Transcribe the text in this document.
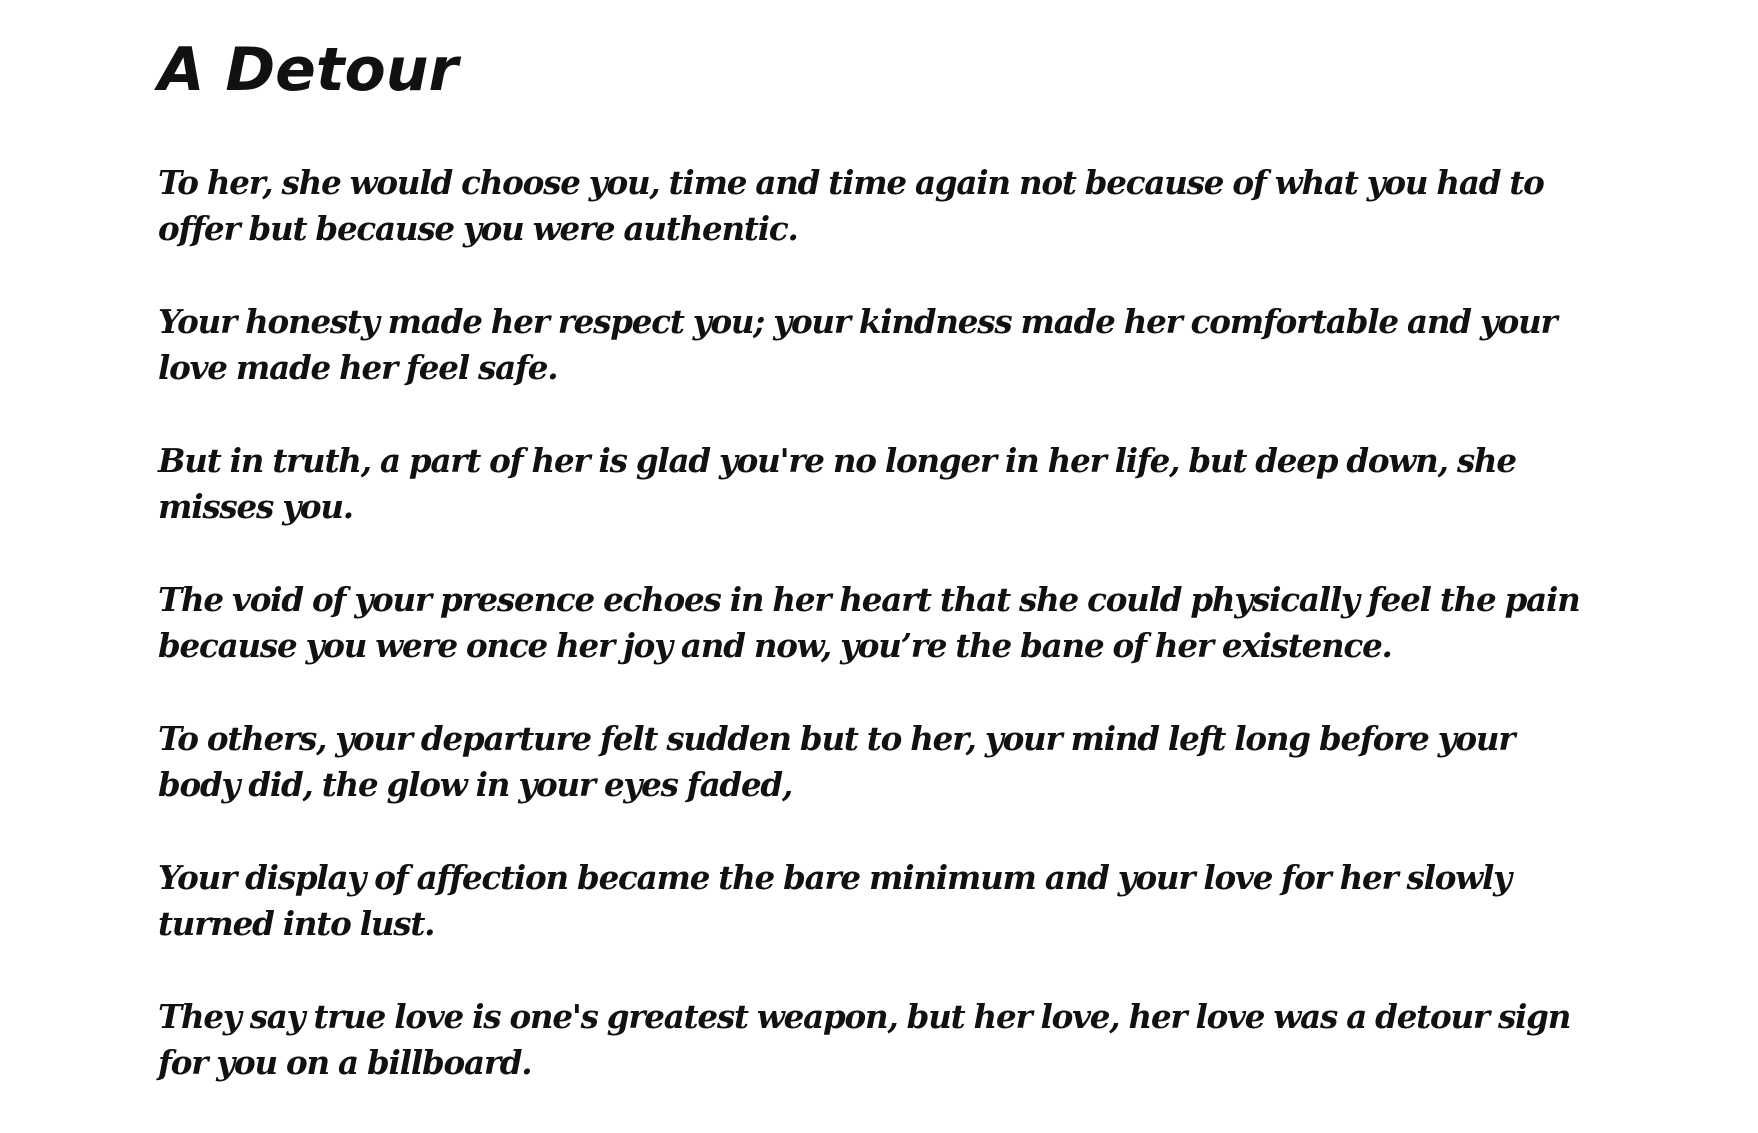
A Detour

To her, she would choose you, time and time again not because of what you had to
offer but because you were authentic.

Your honesty made her respect you; your kindness made her comfortable and your
love made her feel safe.

But in truth, a part of her is glad you're no longer in her life, but deep down, she
misses you.

The void of your presence echoes in her heart that she could physically feel the pain
because you were once her joy and now, you’re the bane of her existence.

To others, your departure felt sudden but to her, your mind left long before your
body did, the glow in your eyes faded,

Your display of affection became the bare minimum and your love for her slowly
turned into lust.

They say true love is one's greatest weapon, but her love, her love was a detour sign
for you on a billboard.
